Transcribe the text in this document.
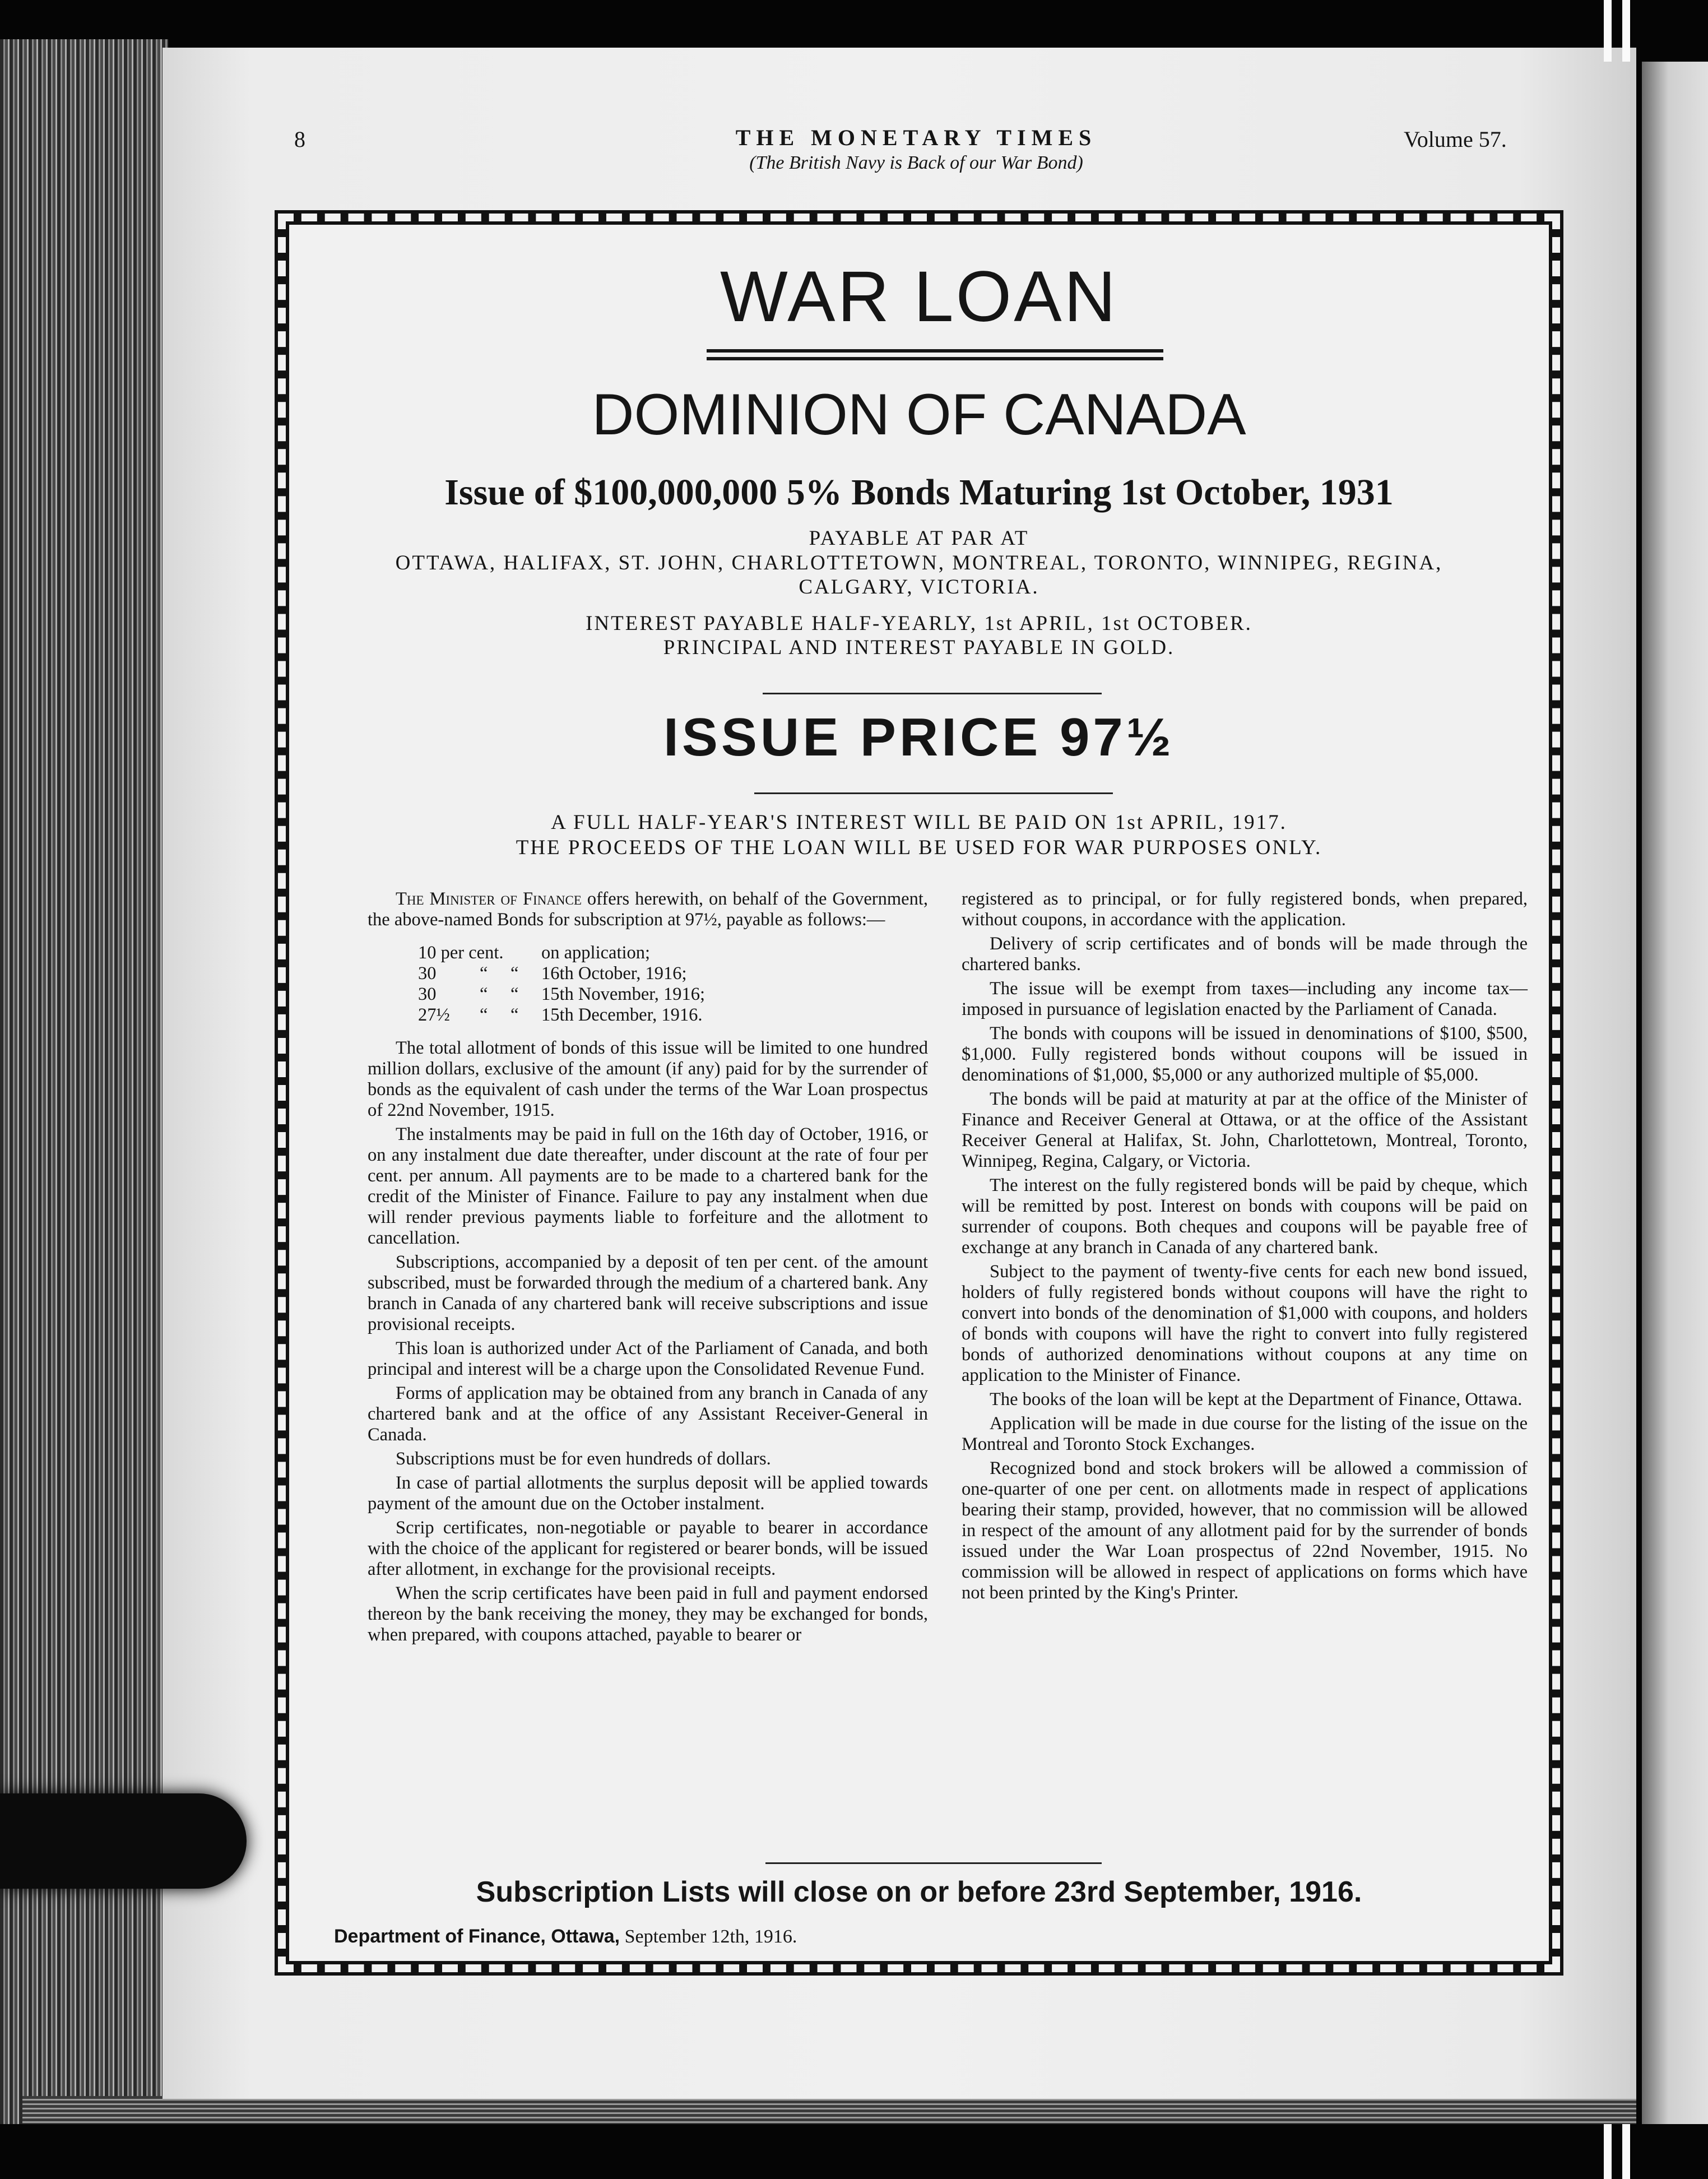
8	THE MONETARY TIMES
(The British Navy is Back of our War Bond)
Volume 57.
WAR LOAN
DOMINION OF CANADA
Issue of $100,000,000 5% Bonds Maturing 1st October, 1931
PAYABLE AT PAR AT
OTTAWA, HALIFAX, ST. JOHN, CHARLOTTETOWN, MONTREAL, TORONTO, WINNIPEG, REGINA,
CALGARY, VICTORIA.
INTEREST PAYABLE HALF-YEARLY, 1st APRIL, 1st OCTOBER.
PRINCIPAL AND INTEREST PAYABLE IN GOLD.
ISSUE PRICE 97½
A FULL HALF-YEAR'S INTEREST WILL BE PAID ON 1st APRIL, 1917.
THE PROCEEDS OF THE LOAN WILL BE USED FOR WAR PURPOSES ONLY.

The Minister of Finance offers herewith, on behalf of the Government, the above-named Bonds for subscription at 97½, payable as follows:—

10 per cent.	on application;
30	“     “	16th October, 1916;
30	“     “	15th November, 1916;
27½	“     “	15th December, 1916.

The total allotment of bonds of this issue will be limited to one hundred million dollars, exclusive of the amount (if any) paid for by the surrender of bonds as the equivalent of cash under the terms of the War Loan prospectus of 22nd November, 1915.

The instalments may be paid in full on the 16th day of October, 1916, or on any instalment due date thereafter, under discount at the rate of four per cent. per annum. All payments are to be made to a chartered bank for the credit of the Minister of Finance. Failure to pay any instalment when due will render previous payments liable to forfeiture and the allotment to cancellation.

Subscriptions, accompanied by a deposit of ten per cent. of the amount subscribed, must be forwarded through the medium of a chartered bank. Any branch in Canada of any chartered bank will receive subscriptions and issue provisional receipts.

This loan is authorized under Act of the Parliament of Canada, and both principal and interest will be a charge upon the Consolidated Revenue Fund.

Forms of application may be obtained from any branch in Canada of any chartered bank and at the office of any Assistant Receiver-General in Canada.

Subscriptions must be for even hundreds of dollars.

In case of partial allotments the surplus deposit will be applied towards payment of the amount due on the October instalment.

Scrip certificates, non-negotiable or payable to bearer in accordance with the choice of the applicant for registered or bearer bonds, will be issued after allotment, in exchange for the provisional receipts.

When the scrip certificates have been paid in full and payment endorsed thereon by the bank receiving the money, they may be exchanged for bonds, when prepared, with coupons attached, payable to bearer or

registered as to principal, or for fully registered bonds, when prepared, without coupons, in accordance with the application.

Delivery of scrip certificates and of bonds will be made through the chartered banks.

The issue will be exempt from taxes—including any income tax—imposed in pursuance of legislation enacted by the Parliament of Canada.

The bonds with coupons will be issued in denominations of $100, $500, $1,000. Fully registered bonds without coupons will be issued in denominations of $1,000, $5,000 or any authorized multiple of $5,000.

The bonds will be paid at maturity at par at the office of the Minister of Finance and Receiver General at Ottawa, or at the office of the Assistant Receiver General at Halifax, St. John, Charlottetown, Montreal, Toronto, Winnipeg, Regina, Calgary, or Victoria.

The interest on the fully registered bonds will be paid by cheque, which will be remitted by post. Interest on bonds with coupons will be paid on surrender of coupons. Both cheques and coupons will be payable free of exchange at any branch in Canada of any chartered bank.

Subject to the payment of twenty-five cents for each new bond issued, holders of fully registered bonds without coupons will have the right to convert into bonds of the denomination of $1,000 with coupons, and holders of bonds with coupons will have the right to convert into fully registered bonds of authorized denominations without coupons at any time on application to the Minister of Finance.

The books of the loan will be kept at the Department of Finance, Ottawa.

Application will be made in due course for the listing of the issue on the Montreal and Toronto Stock Exchanges.

Recognized bond and stock brokers will be allowed a commission of one-quarter of one per cent. on allotments made in respect of applications bearing their stamp, provided, however, that no commission will be allowed in respect of the amount of any allotment paid for by the surrender of bonds issued under the War Loan prospectus of 22nd November, 1915. No commission will be allowed in respect of applications on forms which have not been printed by the King's Printer.

Subscription Lists will close on or before 23rd September, 1916.
Department of Finance, Ottawa, September 12th, 1916.
